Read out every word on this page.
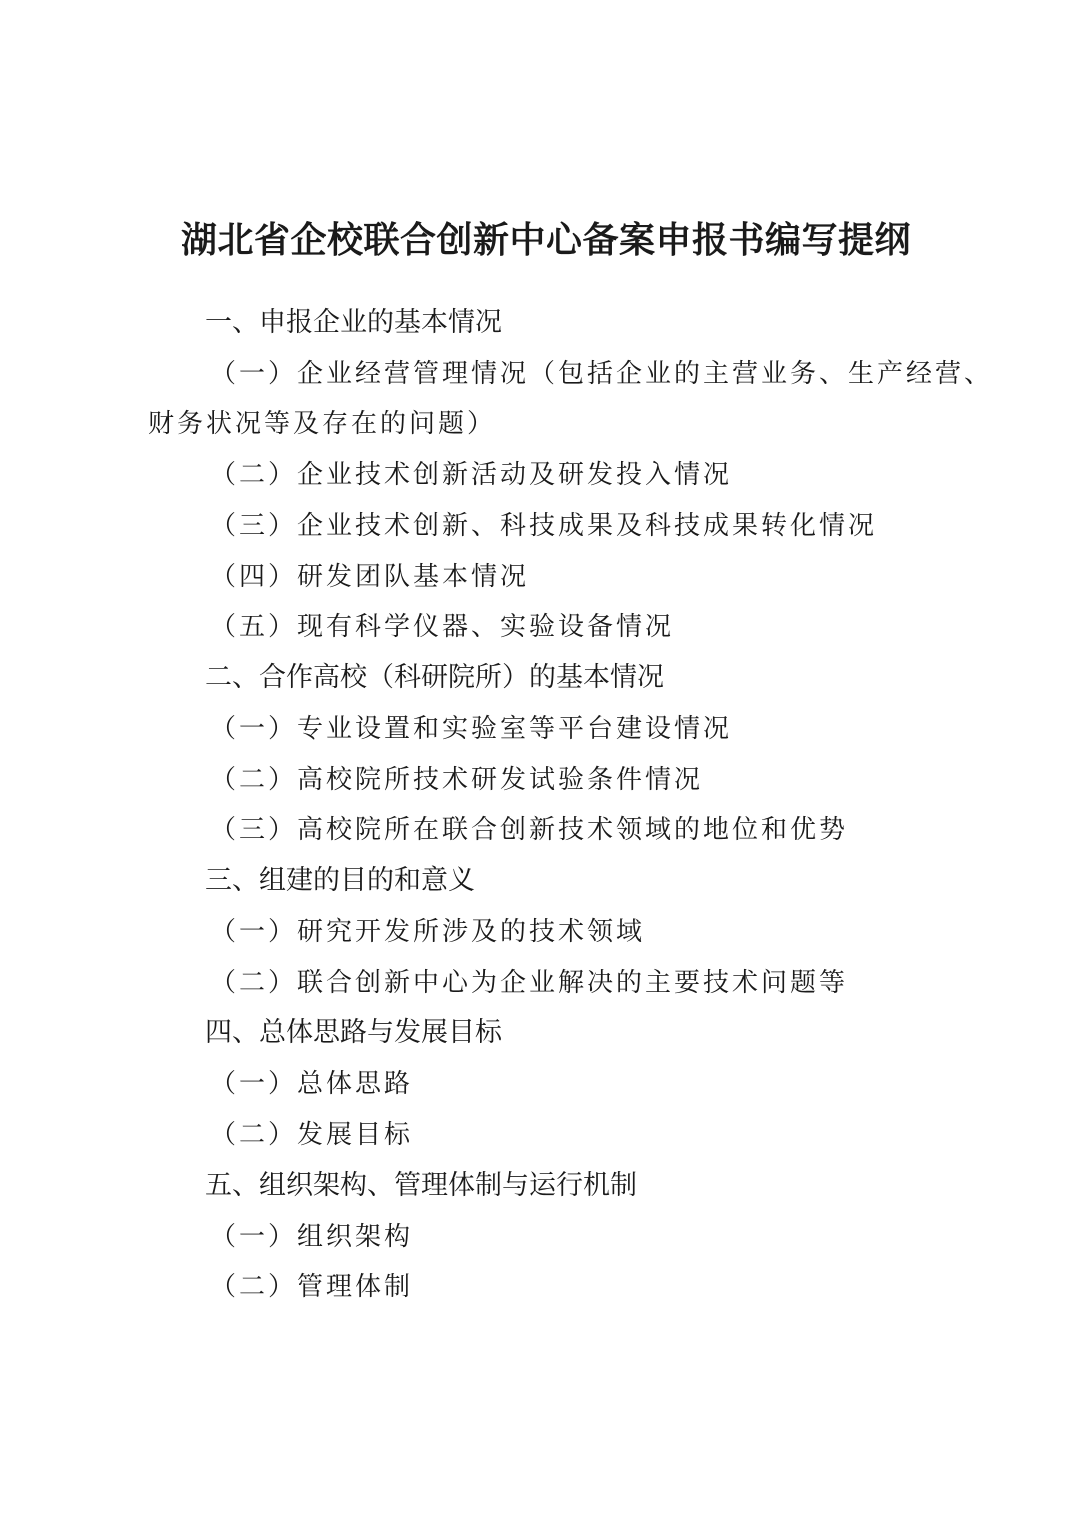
湖北省企校联合创新中心备案申报书编写提纲
一、申报企业的基本情况
（一）企业经营管理情况（包括企业的主营业务、生产经营、
财务状况等及存在的问题）
（二）企业技术创新活动及研发投入情况
（三）企业技术创新、科技成果及科技成果转化情况
（四）研发团队基本情况
（五）现有科学仪器、实验设备情况
二、合作高校（科研院所）的基本情况
（一）专业设置和实验室等平台建设情况
（二）高校院所技术研发试验条件情况
（三）高校院所在联合创新技术领域的地位和优势
三、组建的目的和意义
（一）研究开发所涉及的技术领域
（二）联合创新中心为企业解决的主要技术问题等
四、总体思路与发展目标
（一）总体思路
（二）发展目标
五、组织架构、管理体制与运行机制
（一）组织架构
（二）管理体制
